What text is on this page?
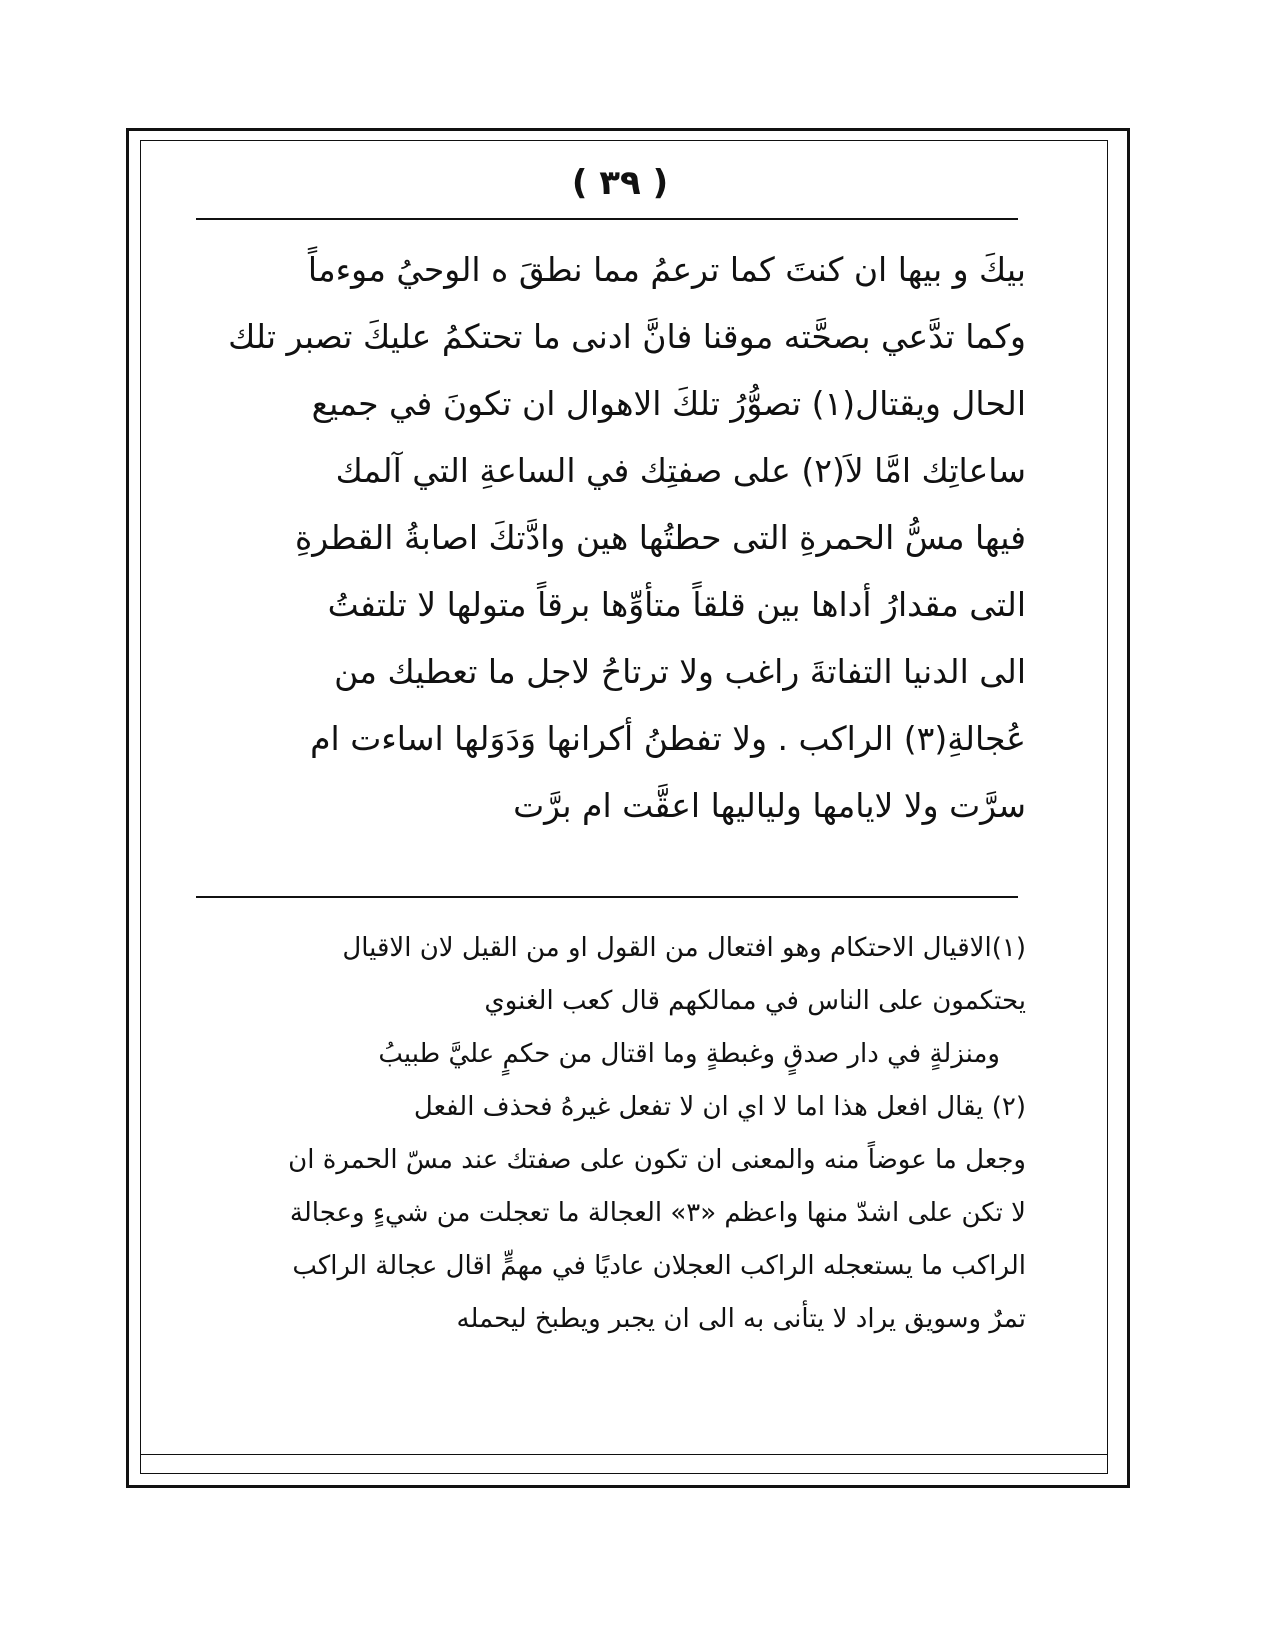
( ٣٩ )
بيكَ و بيها ان كنتَ كما ترعمُ مما نطقَ ه الوحيُ موءماً
وكما تدَّعي بصحَّته موقنا فانَّ ادنى ما تحتكمُ عليكَ تصبر تلك
الحال ويقتال(١) تصوُّرُ تلكَ الاهوال ان تكونَ في جميع
ساعاتِك امَّا لاَ(٢) على صفتِك في الساعةِ التي آلمك
فيها مسُّ الحمرةِ التى حطتُها هين وادَّتكَ اصابةُ القطرةِ
التى مقدارُ أداها بين قلقاً متأوِّها برقاً متولها لا تلتفتُ
الى الدنيا التفاتةَ راغب ولا ترتاحُ لاجل ما تعطيك من
عُجالةِ(٣) الراكب . ولا تفطنُ أكرانها وَدَوَلها اساءت ام
سرَّت ولا لايامها ولياليها اعقَّت ام برَّت
(١)الاقيال الاحتكام وهو افتعال من القول او من القيل لان الاقيال
يحتكمون على الناس في ممالكهم قال كعب الغنوي
ومنزلةٍ في دار صدقٍ وغبطةٍ وما اقتال من حكمٍ عليَّ طبيبُ
(٢) يقال افعل هذا اما لا اي ان لا تفعل غيرهُ فحذف الفعل
وجعل ما عوضاً منه والمعنى ان تكون على صفتك عند مسّ الحمرة ان
لا تكن على اشدّ منها واعظم «٣» العجالة ما تعجلت من شيءٍ وعجالة
الراكب ما يستعجله الراكب العجلان عاديًا في مهمٍّ اقال عجالة الراكب
تمرٌ وسويق يراد لا يتأنى به الى ان يجبر ويطبخ ليحمله
